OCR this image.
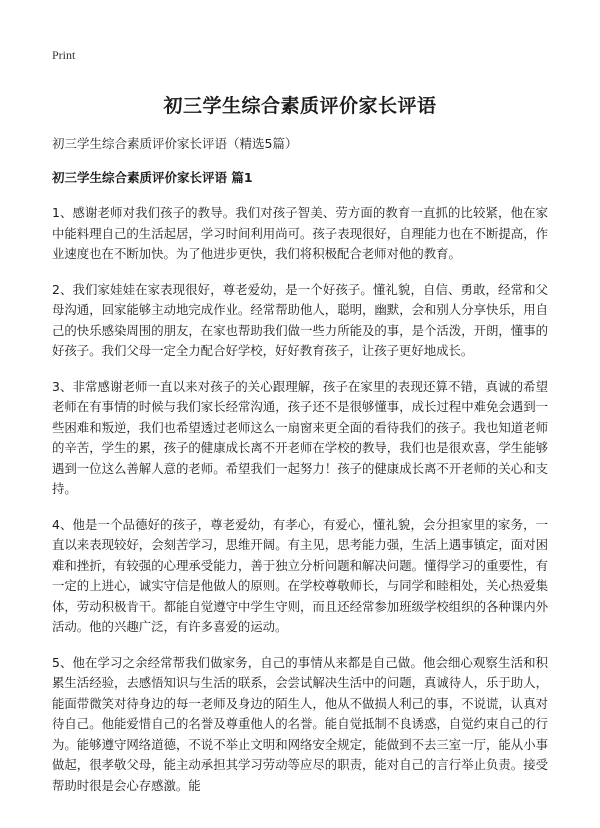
Print

初三学生综合素质评价家长评语

初三学生综合素质评价家长评语（精选5篇）

初三学生综合素质评价家长评语 篇1

1、感谢老师对我们孩子的教导。我们对孩子智美、劳方面的教育一直抓的比较紧，他在家中能料理自己的生活起居，学习时间利用尚可。孩子表现很好，自理能力也在不断提高，作业速度也在不断加快。为了他进步更快，我们将积极配合老师对他的教育。

2、我们家娃娃在家表现很好，尊老爱幼，是一个好孩子。懂礼貌，自信、勇敢，经常和父母沟通，回家能够主动地完成作业。经常帮助他人，聪明，幽默，会和别人分享快乐，用自己的快乐感染周围的朋友，在家也帮助我们做一些力所能及的事，是个活泼，开朗，懂事的 好孩子。我们父母一定全力配合好学校，好好教育孩子，让孩子更好地成长。

3、非常感谢老师一直以来对孩子的关心跟理解，孩子在家里的表现还算不错，真诚的希望老师在有事情的时候与我们家长经常沟通，孩子还不是很够懂事，成长过程中难免会遇到一些困难和叛逆，我们也希望透过老师这么一扇窗来更全面的看待我们的孩子。我也知道老师的辛苦，学生的累，孩子的健康成长离不开老师在学校的教导，我们也是很欢喜，学生能够遇到一位这么善解人意的老师。希望我们一起努力！孩子的健康成长离不开老师的关心和支持。

4、他是一个品德好的孩子，尊老爱幼，有孝心，有爱心，懂礼貌，会分担家里的家务，一直以来表现较好，会刻苦学习，思维开阔。有主见，思考能力强，生活上遇事镇定，面对困难和挫折，有较强的心理承受能力，善于独立分析问题和解决问题。懂得学习的重要性，有一定的上进心，诚实守信是他做人的原则。在学校尊敬师长，与同学和睦相处，关心热爱集体，劳动积极肯干。都能自觉遵守中学生守则，而且还经常参加班级学校组织的各种课内外活动。他的兴趣广泛，有许多喜爱的运动。

5、他在学习之余经常帮我们做家务，自己的事情从来都是自己做。他会细心观察生活和积累生活经验，去感悟知识与生活的联系，会尝试解决生活中的问题，真诚待人，乐于助人，能面带微笑对待身边的每一老师及身边的陌生人，他从不做损人利己的事，不说谎，认真对待自己。他能爱惜自己的名誉及尊重他人的名誉。能自觉抵制不良诱惑，自觉约束自己的行为。能够遵守网络道德，不说不举止文明和网络安全规定，能做到不去三室一厅，能从小事做起，很孝敬父母，能主动承担其学习劳动等应尽的职责，能对自己的言行举止负责。接受帮助时很是会心存感激。能
